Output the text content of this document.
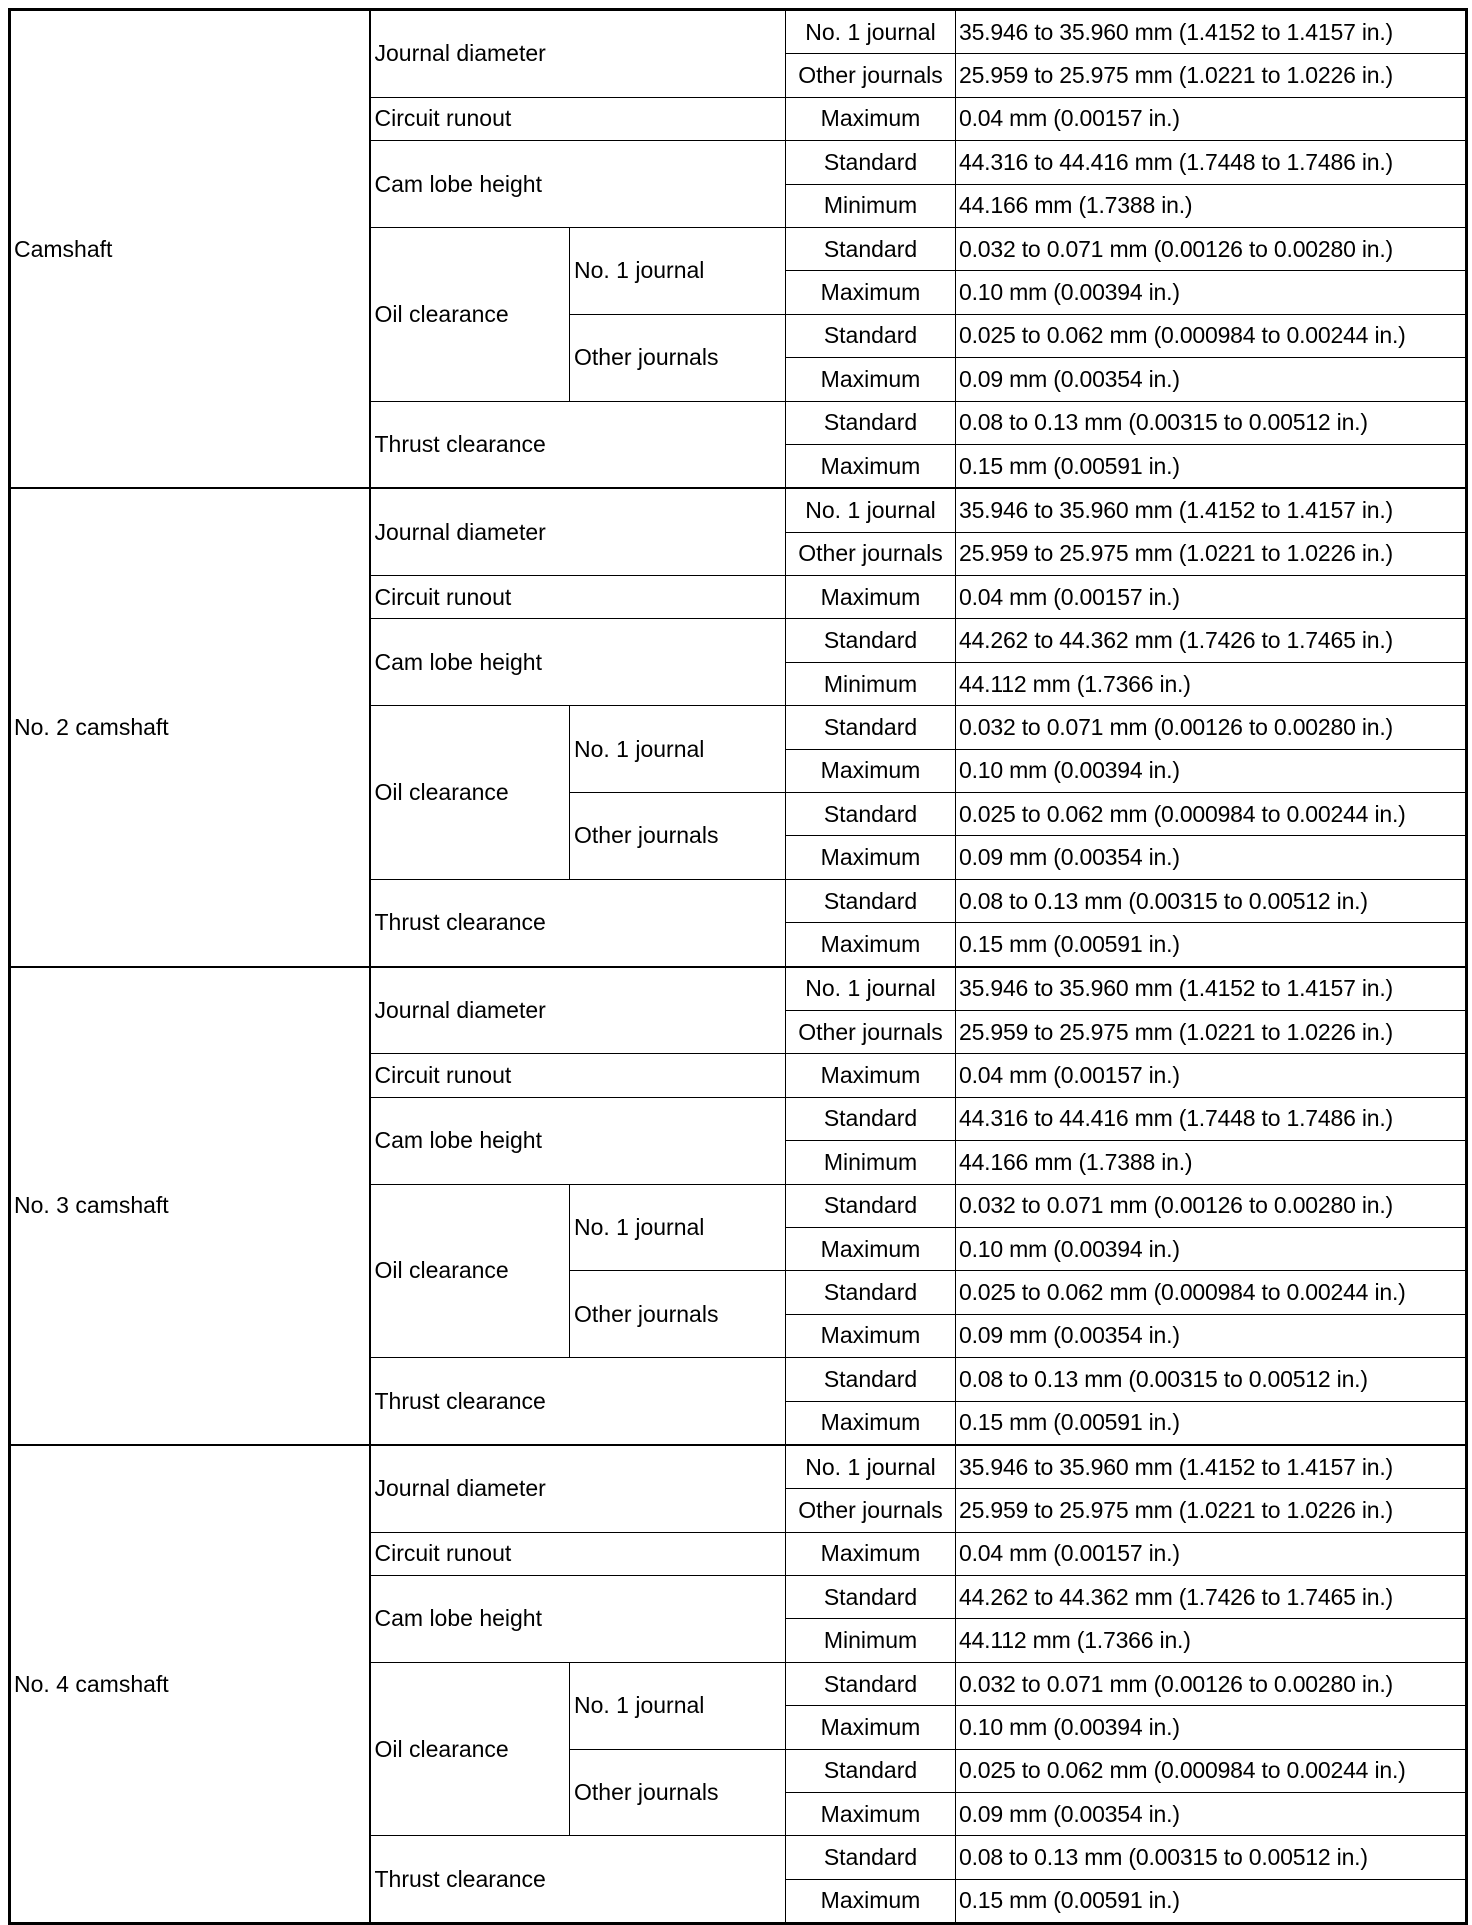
Camshaft	Journal diameter		No. 1 journal	35.946 to 35.960 mm (1.4152 to 1.4157 in.)
			Other journals	25.959 to 25.975 mm (1.0221 to 1.0226 in.)
	Circuit runout		Maximum	0.04 mm (0.00157 in.)
	Cam lobe height		Standard	44.316 to 44.416 mm (1.7448 to 1.7486 in.)
			Minimum	44.166 mm (1.7388 in.)
	Oil clearance	No. 1 journal	Standard	0.032 to 0.071 mm (0.00126 to 0.00280 in.)
			Maximum	0.10 mm (0.00394 in.)
		Other journals	Standard	0.025 to 0.062 mm (0.000984 to 0.00244 in.)
			Maximum	0.09 mm (0.00354 in.)
	Thrust clearance		Standard	0.08 to 0.13 mm (0.00315 to 0.00512 in.)
			Maximum	0.15 mm (0.00591 in.)
No. 2 camshaft	Journal diameter		No. 1 journal	35.946 to 35.960 mm (1.4152 to 1.4157 in.)
			Other journals	25.959 to 25.975 mm (1.0221 to 1.0226 in.)
	Circuit runout		Maximum	0.04 mm (0.00157 in.)
	Cam lobe height		Standard	44.262 to 44.362 mm (1.7426 to 1.7465 in.)
			Minimum	44.112 mm (1.7366 in.)
	Oil clearance	No. 1 journal	Standard	0.032 to 0.071 mm (0.00126 to 0.00280 in.)
			Maximum	0.10 mm (0.00394 in.)
		Other journals	Standard	0.025 to 0.062 mm (0.000984 to 0.00244 in.)
			Maximum	0.09 mm (0.00354 in.)
	Thrust clearance		Standard	0.08 to 0.13 mm (0.00315 to 0.00512 in.)
			Maximum	0.15 mm (0.00591 in.)
No. 3 camshaft	Journal diameter		No. 1 journal	35.946 to 35.960 mm (1.4152 to 1.4157 in.)
			Other journals	25.959 to 25.975 mm (1.0221 to 1.0226 in.)
	Circuit runout		Maximum	0.04 mm (0.00157 in.)
	Cam lobe height		Standard	44.316 to 44.416 mm (1.7448 to 1.7486 in.)
			Minimum	44.166 mm (1.7388 in.)
	Oil clearance	No. 1 journal	Standard	0.032 to 0.071 mm (0.00126 to 0.00280 in.)
			Maximum	0.10 mm (0.00394 in.)
		Other journals	Standard	0.025 to 0.062 mm (0.000984 to 0.00244 in.)
			Maximum	0.09 mm (0.00354 in.)
	Thrust clearance		Standard	0.08 to 0.13 mm (0.00315 to 0.00512 in.)
			Maximum	0.15 mm (0.00591 in.)
No. 4 camshaft	Journal diameter		No. 1 journal	35.946 to 35.960 mm (1.4152 to 1.4157 in.)
			Other journals	25.959 to 25.975 mm (1.0221 to 1.0226 in.)
	Circuit runout		Maximum	0.04 mm (0.00157 in.)
	Cam lobe height		Standard	44.262 to 44.362 mm (1.7426 to 1.7465 in.)
			Minimum	44.112 mm (1.7366 in.)
	Oil clearance	No. 1 journal	Standard	0.032 to 0.071 mm (0.00126 to 0.00280 in.)
			Maximum	0.10 mm (0.00394 in.)
		Other journals	Standard	0.025 to 0.062 mm (0.000984 to 0.00244 in.)
			Maximum	0.09 mm (0.00354 in.)
	Thrust clearance		Standard	0.08 to 0.13 mm (0.00315 to 0.00512 in.)
			Maximum	0.15 mm (0.00591 in.)
